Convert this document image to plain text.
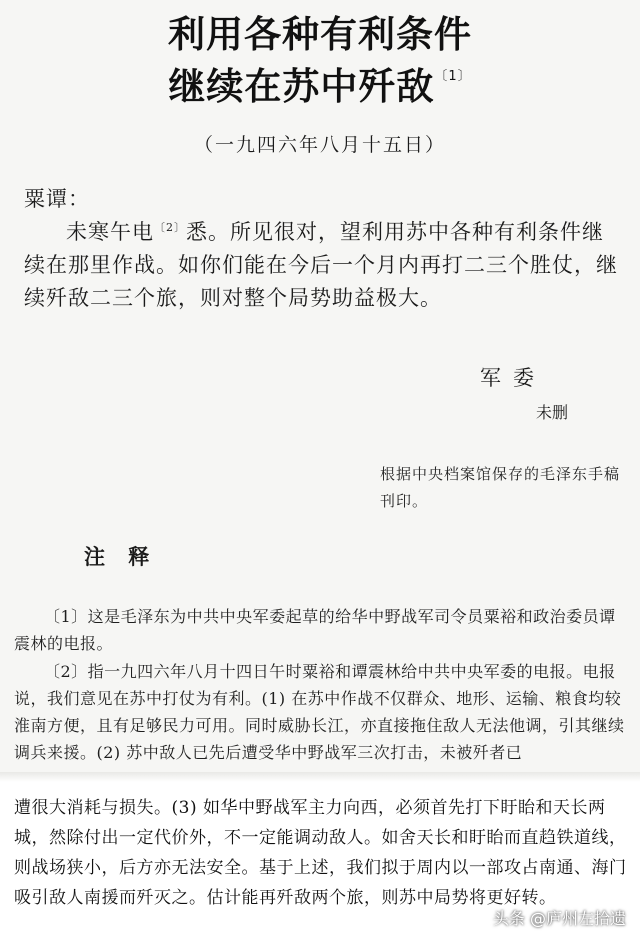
利用各种有利条件
继续在苏中歼敌$^{〔1〕}$
（一九四六年八月十五日）
粟谭：
未寒午电$^{〔2〕}$悉。所见很对，望利用苏中各种有利条件继续在那里作战。如你们能在今后一个月内再打二三个胜仗，继续歼敌二三个旅，则对整个局势助益极大。
军委
未删
根据中央档案馆保存的毛泽东手稿刊印。
注 释
〔1〕这是毛泽东为中共中央军委起草的给华中野战军司令员粟裕和政治委员谭震林的电报。
〔2〕指一九四六年八月十四日午时粟裕和谭震林给中共中央军委的电报。电报说，我们意见在苏中打仗为有利。(1) 在苏中作战不仅群众、地形、运输、粮食均较淮南方便，且有足够民力可用。同时威胁长江，亦直接拖住敌人无法他调，引其继续调兵来援。(2) 苏中敌人已先后遭受华中野战军三次打击，未被歼者已
遭很大消耗与损失。(3) 如华中野战军主力向西，必须首先打下盱眙和天长两城，然除付出一定代价外，不一定能调动敌人。如舍天长和盱眙而直趋铁道线，则战场狭小，后方亦无法安全。基于上述，我们拟于周内以一部攻占南通、海门吸引敌人南援而歼灭之。估计能再歼敌两个旅，则苏中局势将更好转。
头条 @庐州左拾遗
